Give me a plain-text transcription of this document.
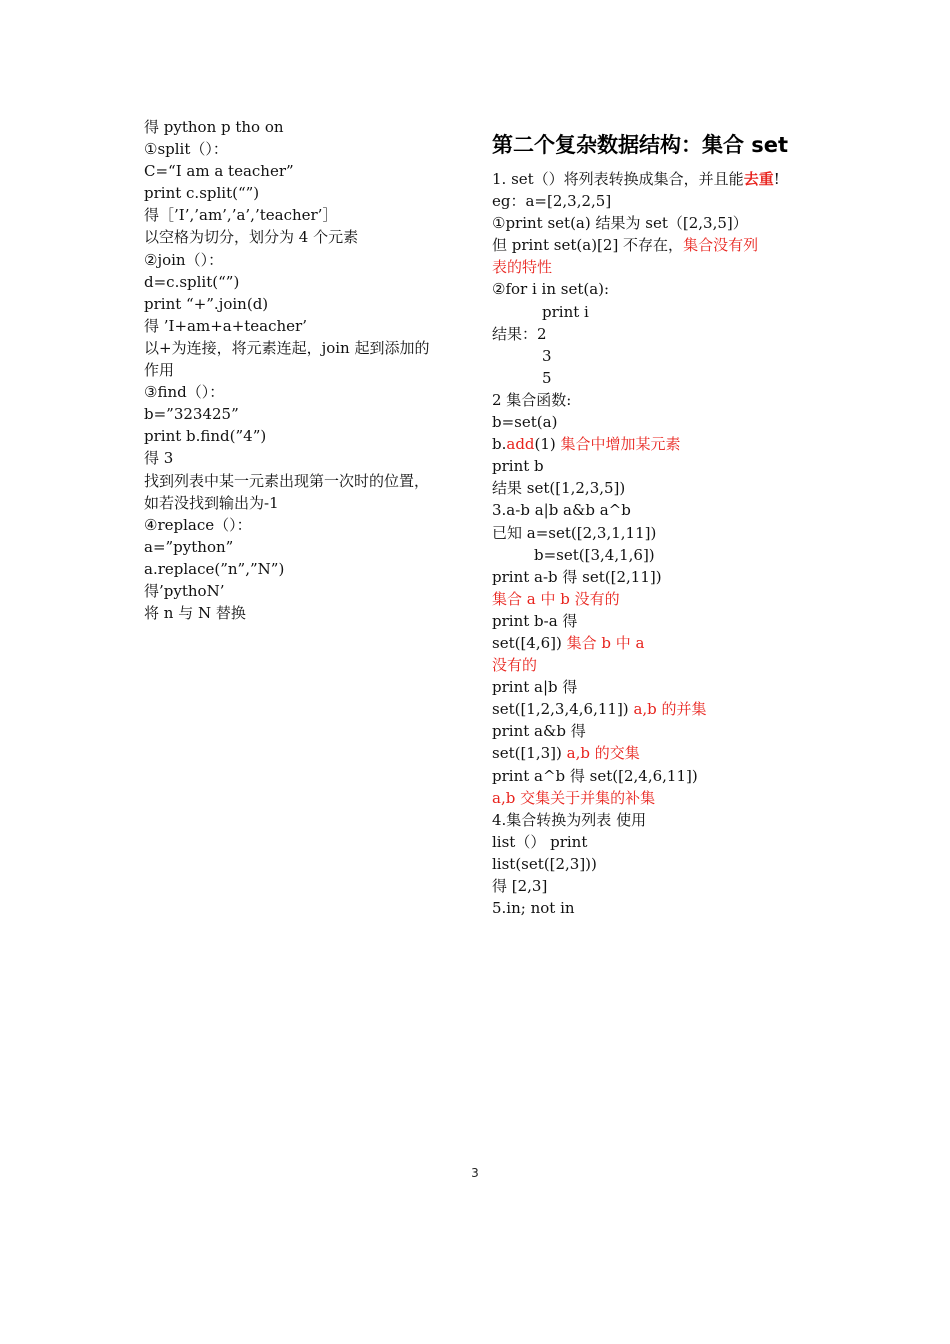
得 python p tho on
①split（）：
C=“I am a teacher”
print c.split(“”)
得［’I’,’am’,’a’,’teacher’］
以空格为切分，划分为 4 个元素
②join（）：
d=c.split(“”)
print “+”.join(d)
得 ’I+am+a+teacher’
以+为连接，将元素连起，join 起到添加的
作用
③find（）：
b=”323425”
print b.find(”4”)
得 3
找到列表中某一元素出现第一次时的位置，
如若没找到输出为-1
④replace（）：
a=”python”
a.replace(”n”,”N”)
得’pythoN’
将 n 与 N 替换
第二个复杂数据结构：集合 set
1. set（）将列表转换成集合，并且能去重!
eg：a=[2,3,2,5]
①print set(a) 结果为 set（[2,3,5]）
但 print set(a)[2] 不存在，集合没有列
表的特性
②for i in set(a):
print i
结果：2
3
5
2 集合函数:
b=set(a)
b.add(1) 集合中增加某元素
print b
结果 set([1,2,3,5])
3.a-b a|b a&b a^b
已知 a=set([2,3,1,11])
b=set([3,4,1,6])
print a-b 得 set([2,11])
集合 a 中 b 没有的
print b-a 得
set([4,6]) 集合 b 中 a
没有的
print a|b 得
set([1,2,3,4,6,11]) a,b 的并集
print a&b 得
set([1,3]) a,b 的交集
print a^b 得 set([2,4,6,11])
a,b 交集关于并集的补集
4.集合转换为列表 使用
list（） print
list(set([2,3]))
得 [2,3]
5.in; not in
3
